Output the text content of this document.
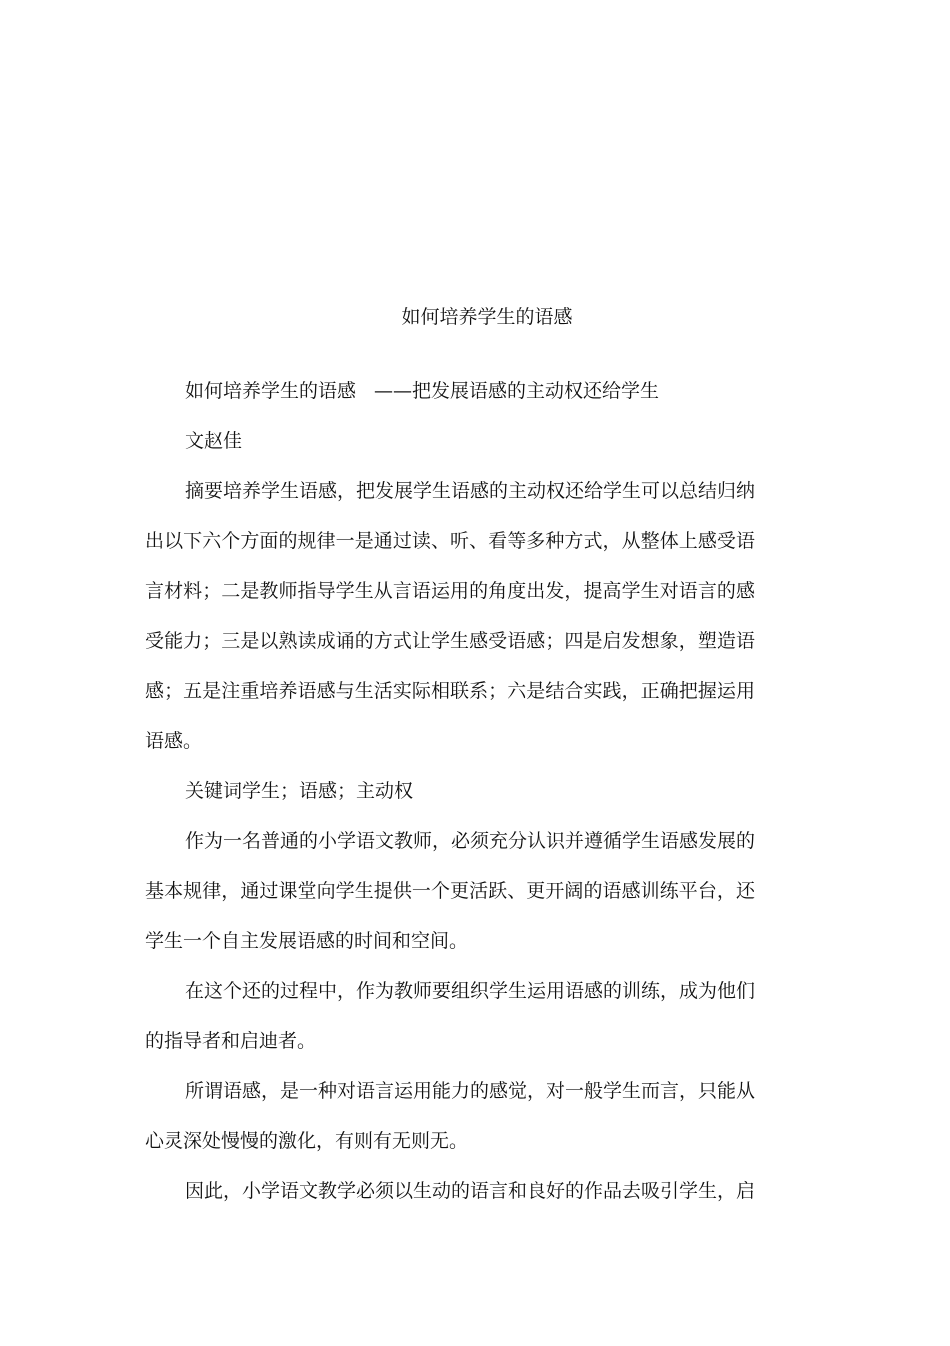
如何培养学生的语感

如何培养学生的语感 ——把发展语感的主动权还给学生

文赵佳

摘要培养学生语感，把发展学生语感的主动权还给学生可以总结归纳出以下六个方面的规律一是通过读、听、看等多种方式，从整体上感受语言材料；二是教师指导学生从言语运用的角度出发，提高学生对语言的感受能力；三是以熟读成诵的方式让学生感受语感；四是启发想象，塑造语感；五是注重培养语感与生活实际相联系；六是结合实践，正确把握运用语感。

关键词学生；语感；主动权

作为一名普通的小学语文教师，必须充分认识并遵循学生语感发展的基本规律，通过课堂向学生提供一个更活跃、更开阔的语感训练平台，还学生一个自主发展语感的时间和空间。

在这个还的过程中，作为教师要组织学生运用语感的训练，成为他们的指导者和启迪者。

所谓语感，是一种对语言运用能力的感觉，对一般学生而言，只能从心灵深处慢慢的激化，有则有无则无。

因此，小学语文教学必须以生动的语言和良好的作品去吸引学生，启
